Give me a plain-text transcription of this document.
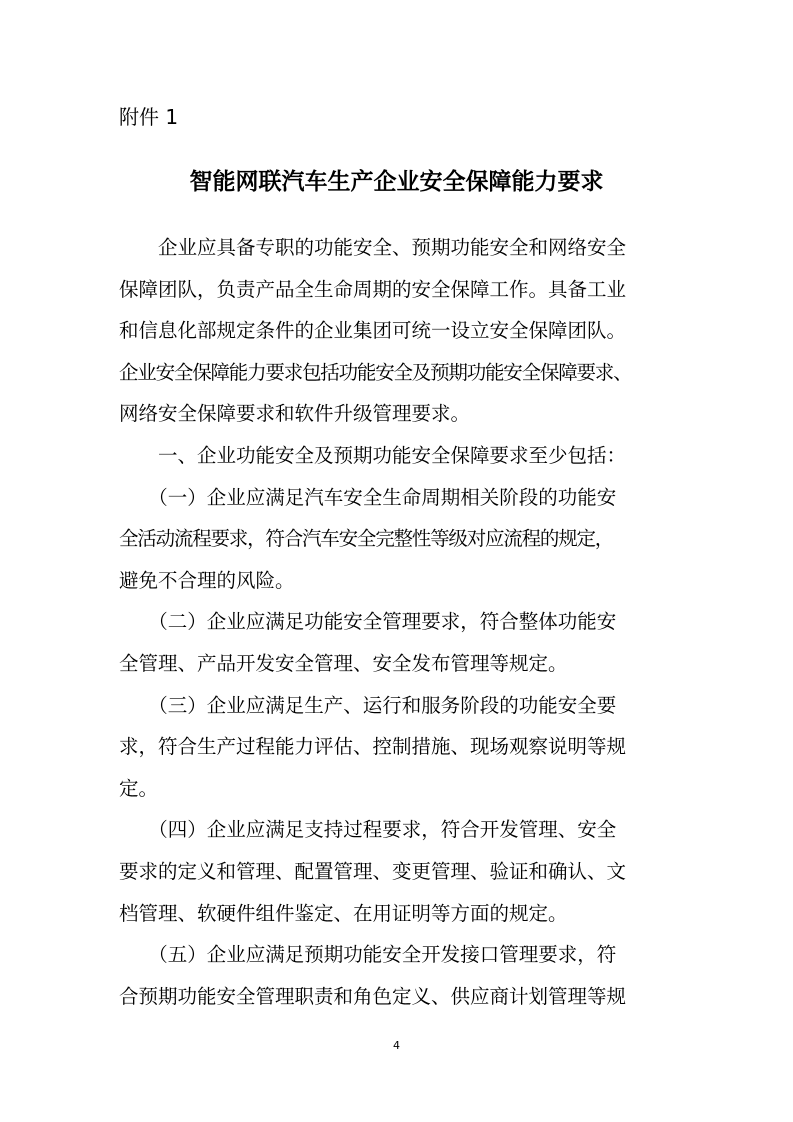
附件 1
智能网联汽车生产企业安全保障能力要求

　　企业应具备专职的功能安全、预期功能安全和网络安全

保障团队，负责产品全生命周期的安全保障工作。具备工业

和信息化部规定条件的企业集团可统一设立安全保障团队。

企业安全保障能力要求包括功能安全及预期功能安全保障要求、

网络安全保障要求和软件升级管理要求。

　　一、企业功能安全及预期功能安全保障要求至少包括：

　　（一）企业应满足汽车安全生命周期相关阶段的功能安

全活动流程要求，符合汽车安全完整性等级对应流程的规定，

避免不合理的风险。

　　（二）企业应满足功能安全管理要求，符合整体功能安

全管理、产品开发安全管理、安全发布管理等规定。

　　（三）企业应满足生产、运行和服务阶段的功能安全要

求，符合生产过程能力评估、控制措施、现场观察说明等规

定。

　　（四）企业应满足支持过程要求，符合开发管理、安全

要求的定义和管理、配置管理、变更管理、验证和确认、文

档管理、软硬件组件鉴定、在用证明等方面的规定。

　　（五）企业应满足预期功能安全开发接口管理要求，符

合预期功能安全管理职责和角色定义、供应商计划管理等规

4
